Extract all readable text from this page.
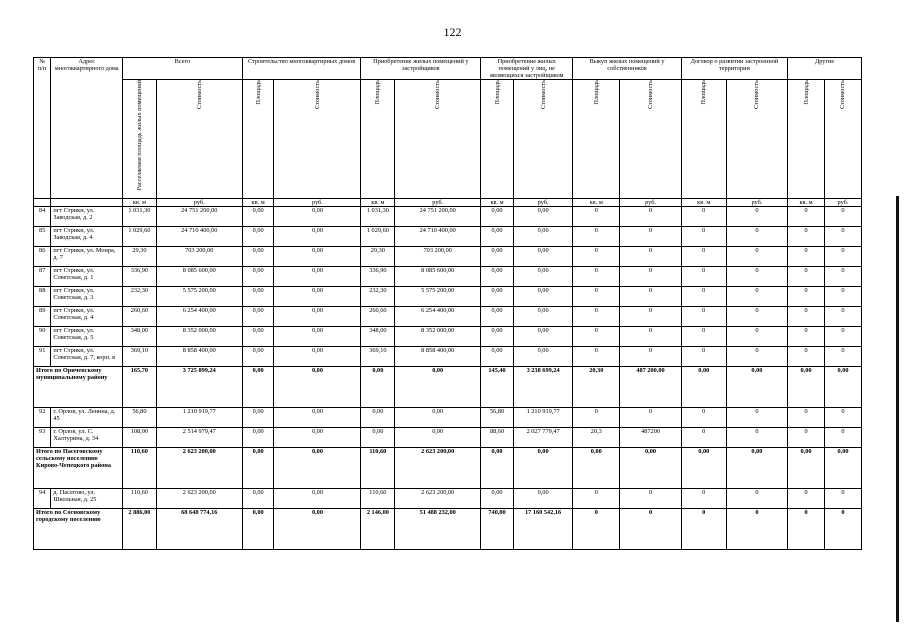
122
№ п/п	Адрес многоквартирного дома	Всего		Строительство многоквартирных домов		Приобретение жилых помещений у застройщиков		Приобретение жилых помещений у лиц, не являющихся застройщиком		Выкуп жилых помещений у собственников		Договор о развитии застроенной территории		Другие	
		Расселяемая площадь жилых помещений	Стоимость	Площадь	Стоимость	Площадь	Стоимость	Площадь	Стоимость	Площадь	Стоимость	Площадь	Стоимость	Площадь	Стоимость
		кв. м	руб.	кв. м	руб.	кв. м	руб.	кв. м	руб.	кв. м	руб.	кв. м	руб.	кв. м	руб.
84	пгт Стрикн, ул. Заводская, д. 2	1 031,30	24 751 200,00	0,00	0,00	1 031,30	24 751 200,00	0,00	0,00	0	0	0	0	0	0
85	пгт Стрикн, ул. Заводская, д. 4	1 029,60	24 710 400,00	0,00	0,00	1 029,60	24 710 400,00	0,00	0,00	0	0	0	0	0	0
86	пгт Стрикн, ул. Мопра, д. 7	29,30	703 200,00	0,00	0,00	29,30	703 200,00	0,00	0,00	0	0	0	0	0	0
87	пгт Стрикн, ул. Советская, д. 1	336,90	8 085 600,00	0,00	0,00	336,90	8 085 600,00	0,00	0,00	0	0	0	0	0	0
88	пгт Стрикн, ул. Советская, д. 3	232,30	5 575 200,00	0,00	0,00	232,30	5 575 200,00	0,00	0,00	0	0	0	0	0	0
89	пгт Стрикн, ул. Советская, д. 4	260,60	6 254 400,00	0,00	0,00	260,60	6 254 400,00	0,00	0,00	0	0	0	0	0	0
90	пгт Стрикн, ул. Советская, д. 5	348,00	8 352 000,00	0,00	0,00	348,00	8 352 000,00	0,00	0,00	0	0	0	0	0	0
91	пгт Стрикн, ул. Советская, д. 7, корп. в	369,10	8 858 400,00	0,00	0,00	369,10	8 858 400,00	0,00	0,00	0	0	0	0	0	0
Итого по Оричевскому муниципальному району		165,70	3 725 899,24	0,00	0,00	0,00	0,00	145,40	3 238 699,24	20,30	487 200,00	0,00	0,00	0,00	0,00
92	г. Орлов, ул. Ленина, д. 45	56,80	1 210 919,77	0,00	0,00	0,00	0,00	56,80	1 210 919,77	0	0	0	0	0	0
93	г. Орлов, ул. С. Халтурина, д. 34	108,90	2 514 979,47	0,00	0,00	0,00	0,00	88,60	2 027 779,47	20,3	487200	0	0	0	0
Итого по Пасеговскому сельскому поселению Кирово-Чепецкого района		110,60	2 623 200,00	0,00	0,00	110,60	2 623 200,00	0,00	0,00	0,00	0,00	0,00	0,00	0,00	0,00
94	д. Пасегово, ул. Школьная, д. 25	110,60	2 623 200,00	0,00	0,00	110,60	2 623 200,00	0,00	0,00	0	0	0	0	0	0
Итого по Сосновскому городскому поселению		2 886,00	68 648 774,16	0,00	0,00	2 146,00	51 488 232,00	740,00	17 160 542,16	0	0	0	0	0	0
